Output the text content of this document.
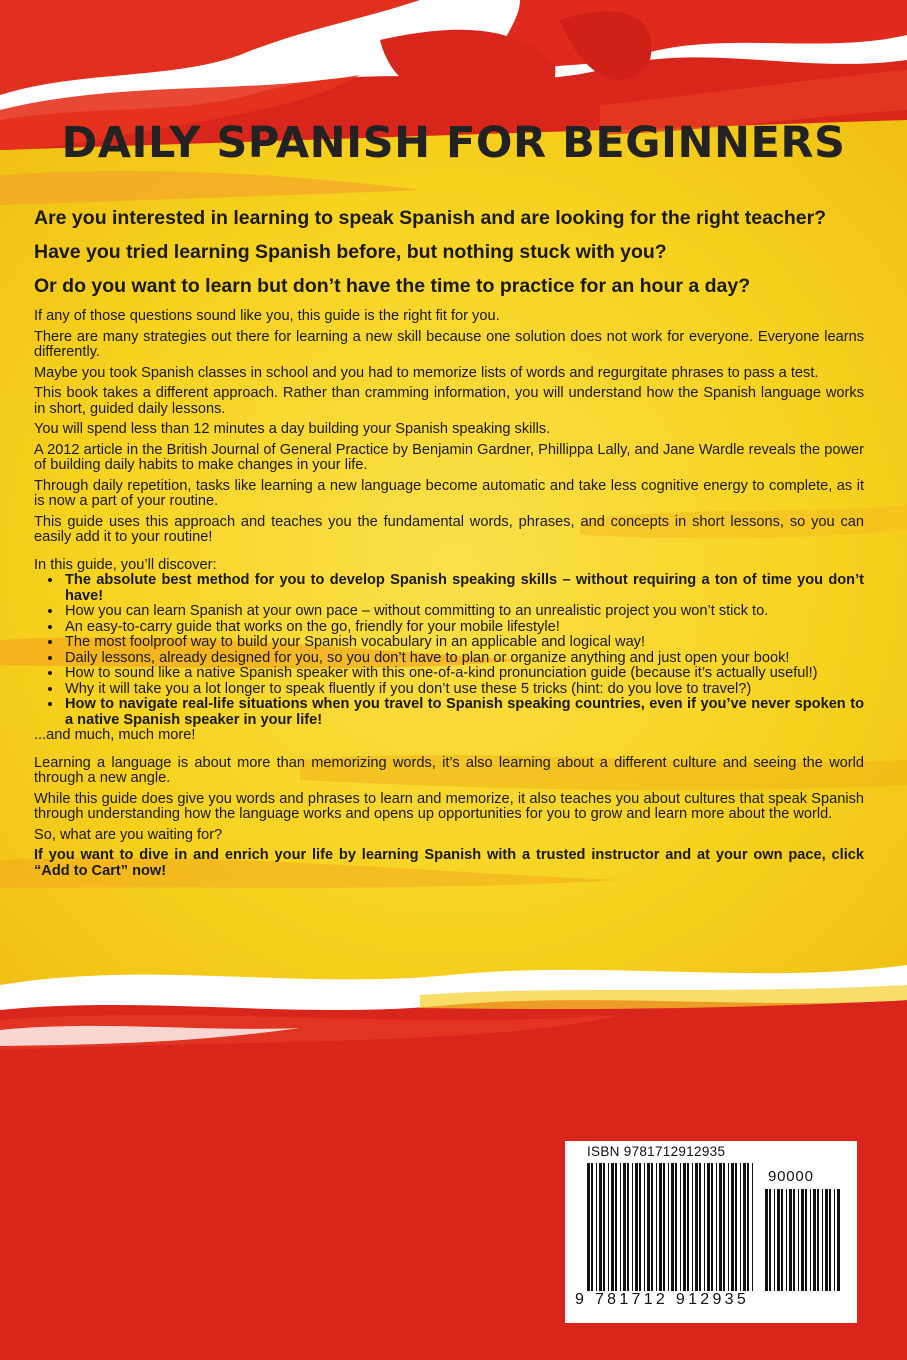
DAILY SPANISH FOR BEGINNERS

Are you interested in learning to speak Spanish and are looking for the right teacher?

Have you tried learning Spanish before, but nothing stuck with you?

Or do you want to learn but don’t have the time to practice for an hour a day?

If any of those questions sound like you, this guide is the right fit for you.

There are many strategies out there for learning a new skill because one solution does not work for everyone. Everyone learns differently.

Maybe you took Spanish classes in school and you had to memorize lists of words and regurgitate phrases to pass a test.

This book takes a different approach. Rather than cramming information, you will understand how the Spanish language works in short, guided daily lessons.

You will spend less than 12 minutes a day building your Spanish speaking skills.

A 2012 article in the British Journal of General Practice by Benjamin Gardner, Phillippa Lally, and Jane Wardle reveals the power of building daily habits to make changes in your life.

Through daily repetition, tasks like learning a new language become automatic and take less cognitive energy to complete, as it is now a part of your routine.

This guide uses this approach and teaches you the fundamental words, phrases, and concepts in short lessons, so you can easily add it to your routine!

In this guide, you’ll discover:

• The absolute best method for you to develop Spanish speaking skills – without requiring a ton of time you don’t have!
• How you can learn Spanish at your own pace – without committing to an unrealistic project you won’t stick to.
• An easy-to-carry guide that works on the go, friendly for your mobile lifestyle!
• The most foolproof way to build your Spanish vocabulary in an applicable and logical way!
• Daily lessons, already designed for you, so you don’t have to plan or organize anything and just open your book!
• How to sound like a native Spanish speaker with this one-of-a-kind pronunciation guide (because it’s actually useful!)
• Why it will take you a lot longer to speak fluently if you don’t use these 5 tricks (hint: do you love to travel?)
• How to navigate real-life situations when you travel to Spanish speaking countries, even if you’ve never spoken to a native Spanish speaker in your life!

...and much, much more!

Learning a language is about more than memorizing words, it’s also learning about a different culture and seeing the world through a new angle.

While this guide does give you words and phrases to learn and memorize, it also teaches you about cultures that speak Spanish through understanding how the language works and opens up opportunities for you to grow and learn more about the world.

So, what are you waiting for?

If you want to dive in and enrich your life by learning Spanish with a trusted instructor and at your own pace, click “Add to Cart” now!

ISBN 9781712912935
90000
9 781712 912935
